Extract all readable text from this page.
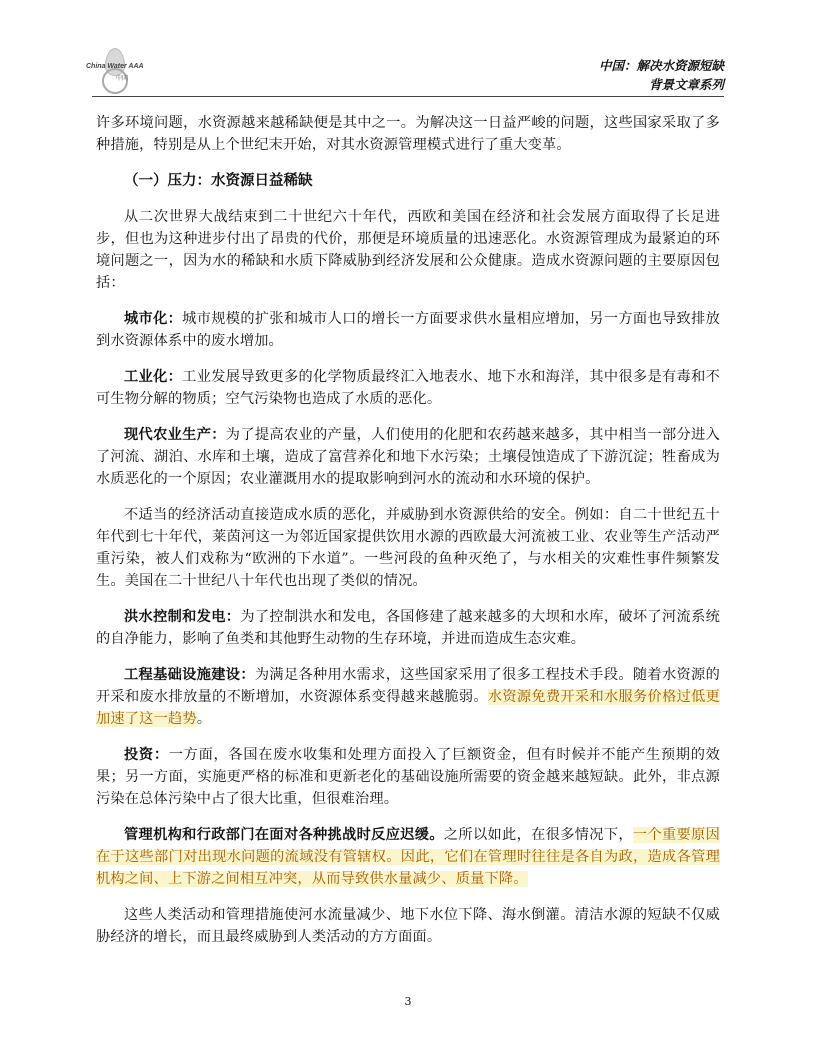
China Water AAA
中国
中国：解决水资源短缺
背景文章系列

许多环境问题，水资源越来越稀缺便是其中之一。为解决这一日益严峻的问题，这些国家采取了多种措施，特别是从上个世纪末开始，对其水资源管理模式进行了重大变革。

（一）压力：水资源日益稀缺

从二次世界大战结束到二十世纪六十年代，西欧和美国在经济和社会发展方面取得了长足进步，但也为这种进步付出了昂贵的代价，那便是环境质量的迅速恶化。水资源管理成为最紧迫的环境问题之一，因为水的稀缺和水质下降威胁到经济发展和公众健康。造成水资源问题的主要原因包括：

城市化：城市规模的扩张和城市人口的增长一方面要求供水量相应增加，另一方面也导致排放到水资源体系中的废水增加。

工业化：工业发展导致更多的化学物质最终汇入地表水、地下水和海洋，其中很多是有毒和不可生物分解的物质；空气污染物也造成了水质的恶化。

现代农业生产：为了提高农业的产量，人们使用的化肥和农药越来越多，其中相当一部分进入了河流、湖泊、水库和土壤，造成了富营养化和地下水污染；土壤侵蚀造成了下游沉淀；牲畜成为水质恶化的一个原因；农业灌溉用水的提取影响到河水的流动和水环境的保护。

不适当的经济活动直接造成水质的恶化，并威胁到水资源供给的安全。例如：自二十世纪五十年代到七十年代，莱茵河这一为邻近国家提供饮用水源的西欧最大河流被工业、农业等生产活动严重污染，被人们戏称为“欧洲的下水道”。一些河段的鱼种灭绝了，与水相关的灾难性事件频繁发生。美国在二十世纪八十年代也出现了类似的情况。

洪水控制和发电：为了控制洪水和发电，各国修建了越来越多的大坝和水库，破坏了河流系统的自净能力，影响了鱼类和其他野生动物的生存环境，并进而造成生态灾难。

工程基础设施建设：为满足各种用水需求，这些国家采用了很多工程技术手段。随着水资源的开采和废水排放量的不断增加，水资源体系变得越来越脆弱。水资源免费开采和水服务价格过低更加速了这一趋势。

投资：一方面，各国在废水收集和处理方面投入了巨额资金，但有时候并不能产生预期的效果；另一方面，实施更严格的标准和更新老化的基础设施所需要的资金越来越短缺。此外，非点源污染在总体污染中占了很大比重，但很难治理。

管理机构和行政部门在面对各种挑战时反应迟缓。之所以如此，在很多情况下，一个重要原因在于这些部门对出现水问题的流域没有管辖权。因此，它们在管理时往往是各自为政，造成各管理机构之间、上下游之间相互冲突，从而导致供水量减少、质量下降。

这些人类活动和管理措施使河水流量减少、地下水位下降、海水倒灌。清洁水源的短缺不仅威胁经济的增长，而且最终威胁到人类活动的方方面面。

3
